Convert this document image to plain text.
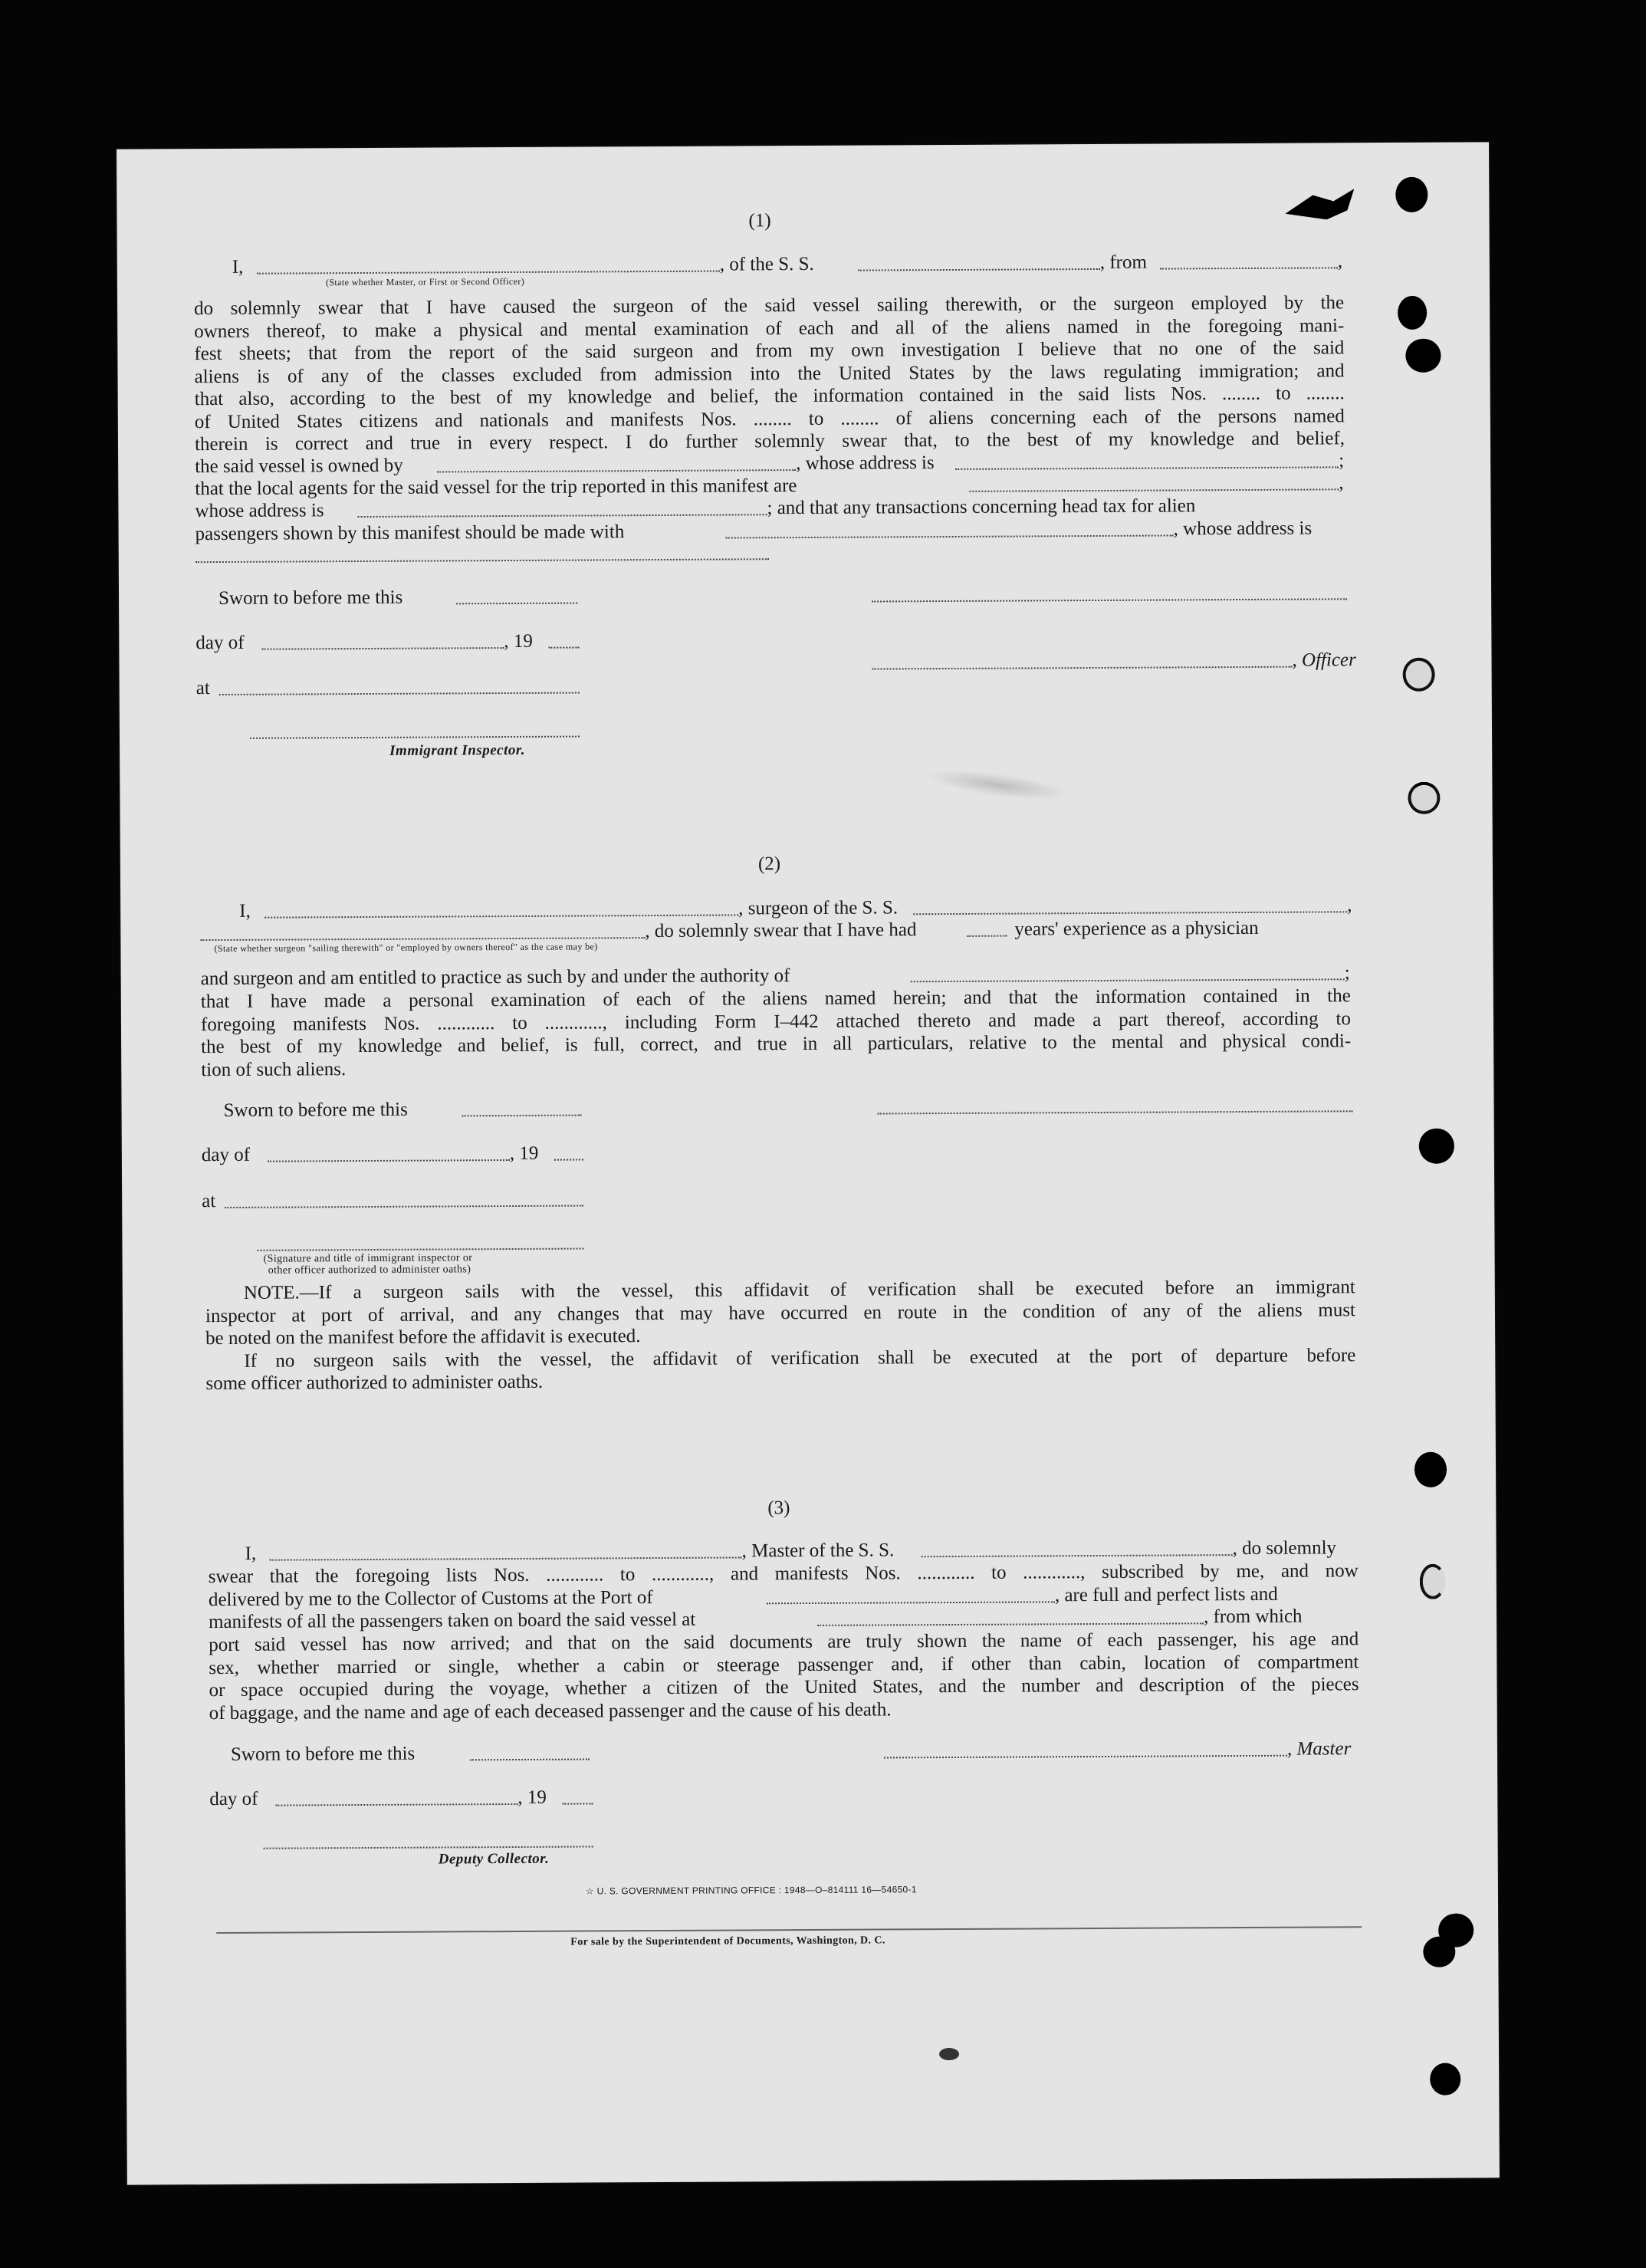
(1)
I,
(State whether Master, or First or Second Officer)
, of the S. S.	, from	,
do solemnly swear that I have caused the surgeon of the said vessel sailing therewith, or the surgeon employed by the
owners thereof, to make a physical and mental examination of each and all of the aliens named in the foregoing mani-
fest sheets; that from the report of the said surgeon and from my own investigation I believe that no one of the said
aliens is of any of the classes excluded from admission into the United States by the laws regulating immigration; and
that also, according to the best of my knowledge and belief, the information contained in the said lists Nos. ........ to ........
of United States citizens and nationals and manifests Nos. ........ to ........ of aliens concerning each of the persons named
therein is correct and true in every respect. I do further solemnly swear that, to the best of my knowledge and belief,
the said vessel is owned by	, whose address is	;
that the local agents for the said vessel for the trip reported in this manifest are	,
whose address is	; and that any transactions concerning head tax for alien
passengers shown by this manifest should be made with	, whose address is
Sworn to before me this
day of	, 19
, Officer
at
Immigrant Inspector.
(2)
I,	, surgeon of the S. S.	,
, do solemnly swear that I have had	years' experience as a physician
(State whether surgeon "sailing therewith" or "employed by owners thereof" as the case may be)
and surgeon and am entitled to practice as such by and under the authority of	;
that I have made a personal examination of each of the aliens named herein; and that the information contained in the
foregoing manifests Nos. ............ to ............, including Form I–442 attached thereto and made a part thereof, according to
the best of my knowledge and belief, is full, correct, and true in all particulars, relative to the mental and physical condi-
tion of such aliens.
Sworn to before me this
day of	, 19
at
(Signature and title of immigrant inspector or
other officer authorized to administer oaths)
NOTE.—If a surgeon sails with the vessel, this affidavit of verification shall be executed before an immigrant
inspector at port of arrival, and any changes that may have occurred en route in the condition of any of the aliens must
be noted on the manifest before the affidavit is executed.
If no surgeon sails with the vessel, the affidavit of verification shall be executed at the port of departure before
some officer authorized to administer oaths.
(3)
I,	, Master of the S. S.	, do solemnly
swear that the foregoing lists Nos. ............ to ............, and manifests Nos. ............ to ............, subscribed by me, and now
delivered by me to the Collector of Customs at the Port of	, are full and perfect lists and
manifests of all the passengers taken on board the said vessel at	, from which
port said vessel has now arrived; and that on the said documents are truly shown the name of each passenger, his age and
sex, whether married or single, whether a cabin or steerage passenger and, if other than cabin, location of compartment
or space occupied during the voyage, whether a citizen of the United States, and the number and description of the pieces
of baggage, and the name and age of each deceased passenger and the cause of his death.
Sworn to before me this	, Master
day of	, 19
Deputy Collector.
☆ U. S. GOVERNMENT PRINTING OFFICE : 1948—O–814111 16—54650-1
For sale by the Superintendent of Documents, Washington, D. C.
